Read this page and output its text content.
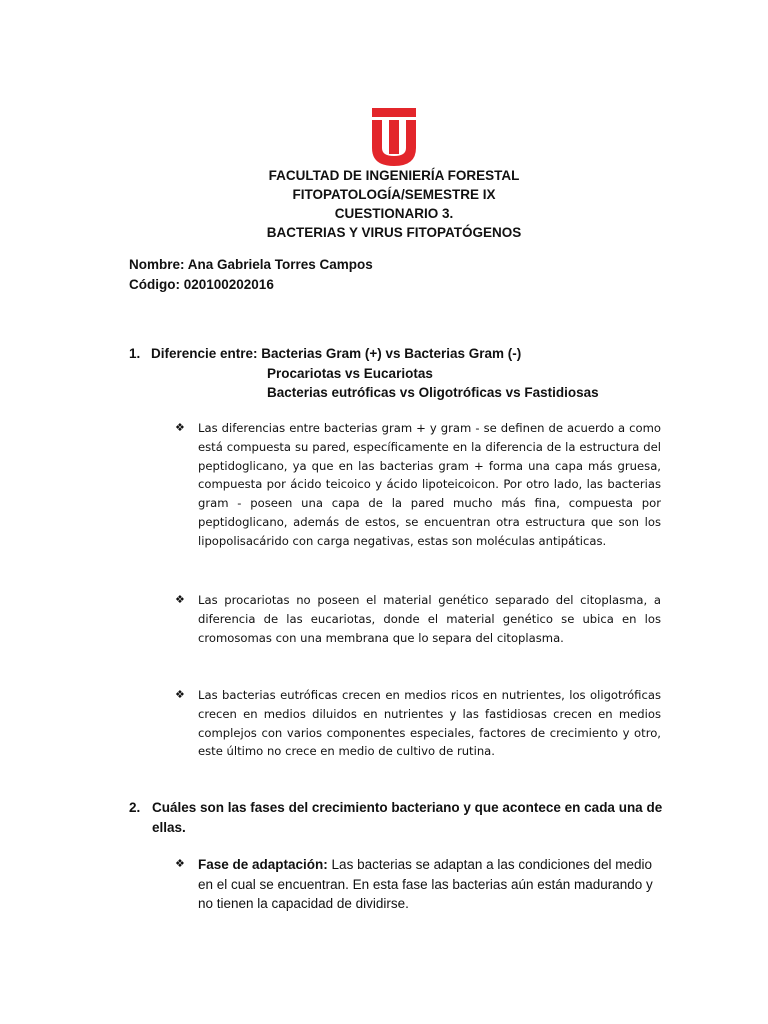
FACULTAD DE INGENIERÍA FORESTAL
FITOPATOLOGÍA/SEMESTRE IX
CUESTIONARIO 3.
BACTERIAS Y VIRUS FITOPATÓGENOS
Nombre: Ana Gabriela Torres Campos
Código: 020100202016
1. Diferencie entre: Bacterias Gram (+) vs Bacterias Gram (-)
Procariotas vs Eucariotas
Bacterias eutróficas vs Oligotróficas vs Fastidiosas
❖ Las diferencias entre bacterias gram + y gram - se definen de acuerdo a como está compuesta su pared, específicamente en la diferencia de la estructura del peptidoglicano, ya que en las bacterias gram + forma una capa más gruesa, compuesta por ácido teicoico y ácido lipoteicoicon. Por otro lado, las bacterias gram - poseen una capa de la pared mucho más fina, compuesta por peptidoglicano, además de estos, se encuentran otra estructura que son los lipopolisacárido con carga negativas, estas son moléculas antipáticas.
❖ Las procariotas no poseen el material genético separado del citoplasma, a diferencia de las eucariotas, donde el material genético se ubica en los cromosomas con una membrana que lo separa del citoplasma.
❖ Las bacterias eutróficas crecen en medios ricos en nutrientes, los oligotróficas crecen en medios diluidos en nutrientes y las fastidiosas crecen en medios complejos con varios componentes especiales, factores de crecimiento y otro, este último no crece en medio de cultivo de rutina.
2. Cuáles son las fases del crecimiento bacteriano y que acontece en cada una de ellas.
❖ Fase de adaptación: Las bacterias se adaptan a las condiciones del medio en el cual se encuentran. En esta fase las bacterias aún están madurando y no tienen la capacidad de dividirse.
